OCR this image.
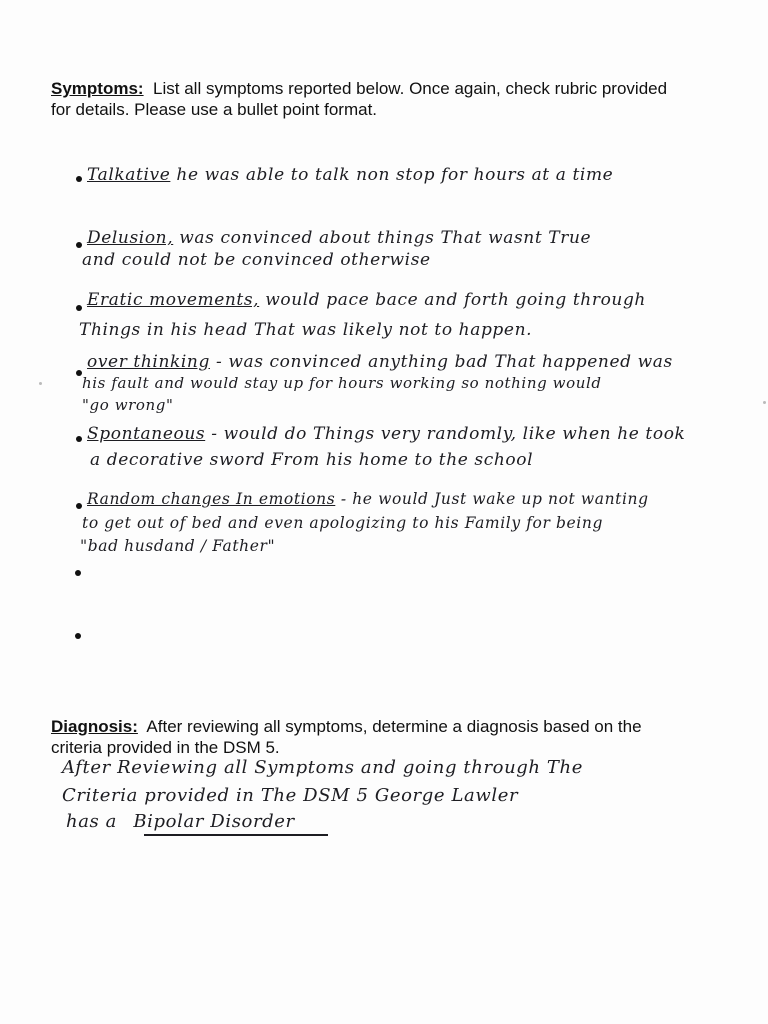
Symptoms: List all symptoms reported below. Once again, check rubric provided for details. Please use a bullet point format.
Talkative he was able to talk non stop for hours at a time
Delusion, was convinced about things That wasnt True
and could not be convinced otherwise
Eratic movements, would pace bace and forth going through
Things in his head That was likely not to happen.
over thinking - was convinced anything bad That happened was
his fault and would stay up for hours working so nothing would
"go wrong"
Spontaneous - would do Things very randomly, like when he took
a decorative sword From his home to the school
Random changes In emotions - he would Just wake up not wanting
to get out of bed and even apologizing to his Family for being
"bad husdand / Father"
Diagnosis: After reviewing all symptoms, determine a diagnosis based on the criteria provided in the DSM 5.
After Reviewing all Symptoms and going through The
Criteria provided in The DSM 5 George Lawler
has a Bipolar Disorder
